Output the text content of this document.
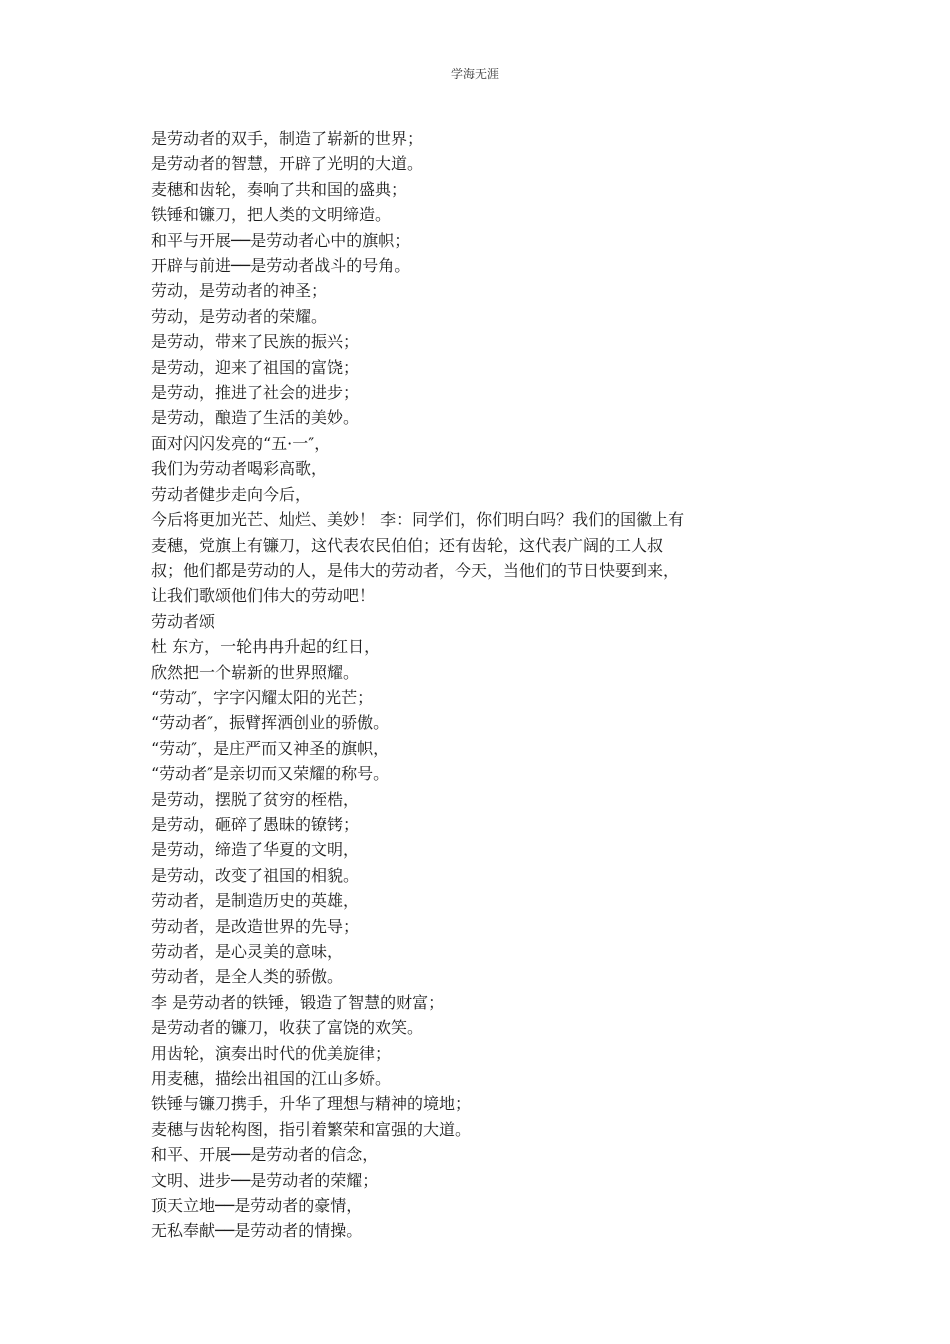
学海无涯
是劳动者的双手，制造了崭新的世界；
是劳动者的智慧，开辟了光明的大道。
麦穗和齿轮，奏响了共和国的盛典；
铁锤和镰刀，把人类的文明缔造。
和平与开展──是劳动者心中的旗帜；
开辟与前进──是劳动者战斗的号角。
劳动，是劳动者的神圣；
劳动，是劳动者的荣耀。
是劳动，带来了民族的振兴；
是劳动，迎来了祖国的富饶；
是劳动，推进了社会的进步；
是劳动，酿造了生活的美妙。
面对闪闪发亮的“五·一″，
我们为劳动者喝彩高歌，
劳动者健步走向今后，
今后将更加光芒、灿烂、美妙！ 李：同学们，你们明白吗？我们的国徽上有
麦穗，党旗上有镰刀，这代表农民伯伯；还有齿轮，这代表广阔的工人叔
叔；他们都是劳动的人，是伟大的劳动者，今天，当他们的节日快要到来，
让我们歌颂他们伟大的劳动吧！
劳动者颂
杜 东方，一轮冉冉升起的红日，
欣然把一个崭新的世界照耀。
“劳动″，字字闪耀太阳的光芒；
“劳动者″，振臂挥洒创业的骄傲。
“劳动″，是庄严而又神圣的旗帜，
“劳动者″是亲切而又荣耀的称号。
是劳动，摆脱了贫穷的桎梏，
是劳动，砸碎了愚昧的镣铐；
是劳动，缔造了华夏的文明，
是劳动，改变了祖国的相貌。
劳动者，是制造历史的英雄，
劳动者，是改造世界的先导；
劳动者，是心灵美的意味，
劳动者，是全人类的骄傲。
李 是劳动者的铁锤，锻造了智慧的财富；
是劳动者的镰刀，收获了富饶的欢笑。
用齿轮，演奏出时代的优美旋律；
用麦穗，描绘出祖国的江山多娇。
铁锤与镰刀携手，升华了理想与精神的境地；
麦穗与齿轮构图，指引着繁荣和富强的大道。
和平、开展──是劳动者的信念，
文明、进步──是劳动者的荣耀；
顶天立地──是劳动者的豪情，
无私奉献──是劳动者的情操。
